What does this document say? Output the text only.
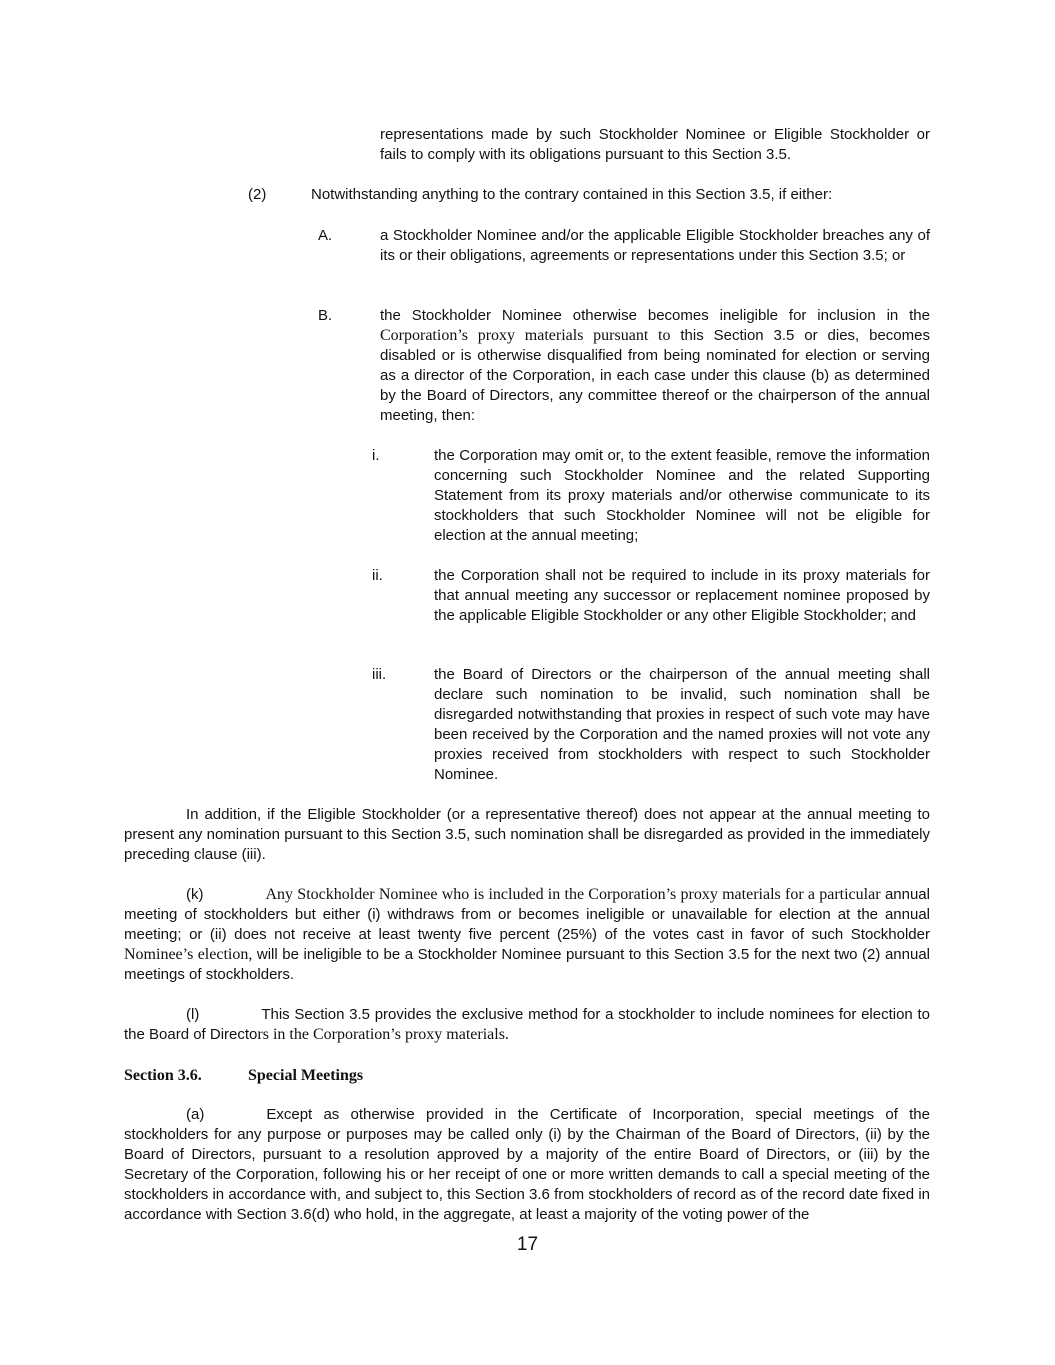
representations made by such Stockholder Nominee or Eligible Stockholder or fails to comply with its obligations pursuant to this Section 3.5.

(2)	Notwithstanding anything to the contrary contained in this Section 3.5, if either:

A.	a Stockholder Nominee and/or the applicable Eligible Stockholder breaches any of its or their obligations, agreements or representations under this Section 3.5; or

B.	the Stockholder Nominee otherwise becomes ineligible for inclusion in the Corporation’s proxy materials pursuant to this Section 3.5 or dies, becomes disabled or is otherwise disqualified from being nominated for election or serving as a director of the Corporation, in each case under this clause (b) as determined by the Board of Directors, any committee thereof or the chairperson of the annual meeting, then:

i.	the Corporation may omit or, to the extent feasible, remove the information concerning such Stockholder Nominee and the related Supporting Statement from its proxy materials and/or otherwise communicate to its stockholders that such Stockholder Nominee will not be eligible for election at the annual meeting;

ii.	the Corporation shall not be required to include in its proxy materials for that annual meeting any successor or replacement nominee proposed by the applicable Eligible Stockholder or any other Eligible Stockholder; and

iii.	the Board of Directors or the chairperson of the annual meeting shall declare such nomination to be invalid, such nomination shall be disregarded notwithstanding that proxies in respect of such vote may have been received by the Corporation and the named proxies will not vote any proxies received from stockholders with respect to such Stockholder Nominee.

In addition, if the Eligible Stockholder (or a representative thereof) does not appear at the annual meeting to present any nomination pursuant to this Section 3.5, such nomination shall be disregarded as provided in the immediately preceding clause (iii).

(k)	Any Stockholder Nominee who is included in the Corporation’s proxy materials for a particular annual meeting of stockholders but either (i) withdraws from or becomes ineligible or unavailable for election at the annual meeting; or (ii) does not receive at least twenty five percent (25%) of the votes cast in favor of such Stockholder Nominee’s election, will be ineligible to be a Stockholder Nominee pursuant to this Section 3.5 for the next two (2) annual meetings of stockholders.

(l)	This Section 3.5 provides the exclusive method for a stockholder to include nominees for election to the Board of Directors in the Corporation’s proxy materials.

Section 3.6.	Special Meetings

(a)	Except as otherwise provided in the Certificate of Incorporation, special meetings of the stockholders for any purpose or purposes may be called only (i) by the Chairman of the Board of Directors, (ii) by the Board of Directors, pursuant to a resolution approved by a majority of the entire Board of Directors, or (iii) by the Secretary of the Corporation, following his or her receipt of one or more written demands to call a special meeting of the stockholders in accordance with, and subject to, this Section 3.6 from stockholders of record as of the record date fixed in accordance with Section 3.6(d) who hold, in the aggregate, at least a majority of the voting power of the

17
